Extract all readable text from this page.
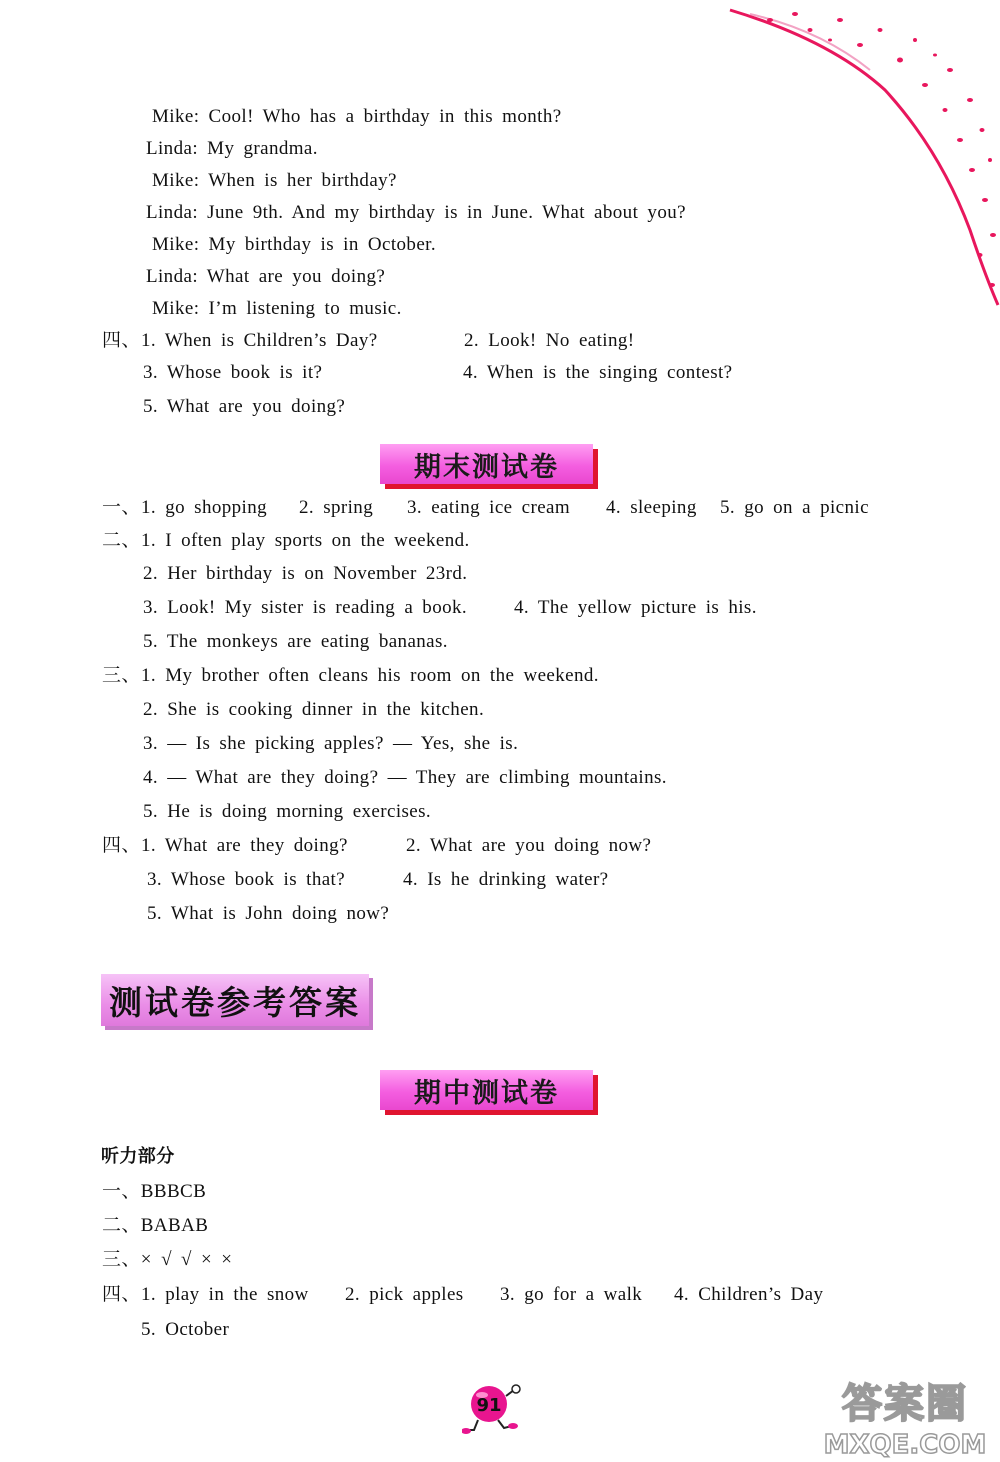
Mike: Cool! Who has a birthday in this month?
Linda: My grandma.
Mike: When is her birthday?
Linda: June 9th. And my birthday is in June. What about you?
Mike: My birthday is in October.
Linda: What are you doing?
Mike: I’m listening to music.
四、 1. When is Children’s Day?	2. Look! No eating!
3. Whose book is it?	4. When is the singing contest?
5. What are you doing?
期末测试卷
一、 1. go shopping 2. spring 3. eating ice cream 4. sleeping 5. go on a picnic
二、 1. I often play sports on the weekend.
2. Her birthday is on November 23rd.
3. Look! My sister is reading a book. 4. The yellow picture is his.
5. The monkeys are eating bananas.
三、 1. My brother often cleans his room on the weekend.
2. She is cooking dinner in the kitchen.
3. — Is she picking apples? — Yes, she is.
4. — What are they doing? — They are climbing mountains.
5. He is doing morning exercises.
四、 1. What are they doing?	2. What are you doing now?
3. Whose book is that?	4. Is he drinking water?
5. What is John doing now?
测试卷参考答案
期中测试卷
听力部分
一、BBBCB
二、BABAB
三、× √ √ × ×
四、 1. play in the snow 2. pick apples 3. go for a walk 4. Children’s Day
5. October
91	答案圈
MXQE.COM
